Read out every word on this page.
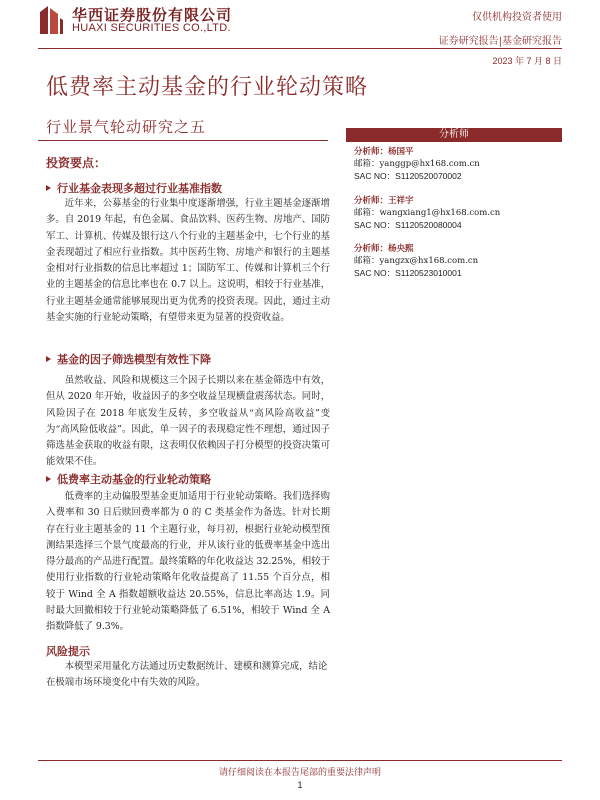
华西证券股份有限公司
HUAXI SECURITIES CO.,LTD.
仅供机构投资者使用
证券研究报告|基金研究报告
2023 年 7 月 8 日
低费率主动基金的行业轮动策略
行业景气轮动研究之五
投资要点：
行业基金表现多超过行业基准指数
近年来，公募基金的行业集中度逐渐增强，行业主题基金逐渐增多。自 2019 年起，有色金属、食品饮料、医药生物、房地产、国防军工、计算机、传媒及银行这八个行业的主题基金中，七个行业的基金表现超过了相应行业指数。其中医药生物、房地产和银行的主题基金相对行业指数的信息比率超过 1；国防军工、传媒和计算机三个行业的主题基金的信息比率也在 0.7 以上。这说明，相较于行业基准，行业主题基金通常能够展现出更为优秀的投资表现。因此，通过主动基金实施的行业轮动策略，有望带来更为显著的投资收益。
基金的因子筛选模型有效性下降
虽然收益、风险和规模这三个因子长期以来在基金筛选中有效，但从 2020 年开始，收益因子的多空收益呈现横盘震荡状态。同时，风险因子在 2018 年底发生反转，多空收益从“高风险高收益”变为“高风险低收益”。因此，单一因子的表现稳定性不理想，通过因子筛选基金获取的收益有限，这表明仅依赖因子打分模型的投资决策可能效果不佳。
低费率主动基金的行业轮动策略
低费率的主动偏股型基金更加适用于行业轮动策略。我们选择购入费率和 30 日后赎回费率都为 0 的 C 类基金作为备选。针对长期存在行业主题基金的 11 个主题行业，每月初，根据行业轮动模型预测结果选择三个景气度最高的行业，并从该行业的低费率基金中选出得分最高的产品进行配置。最终策略的年化收益达 32.25%，相较于使用行业指数的行业轮动策略年化收益提高了 11.55 个百分点，相较于 Wind 全 A 指数超额收益达 20.55%，信息比率高达 1.9。同时最大回撤相较于行业轮动策略降低了 6.51%，相较于 Wind 全 A 指数降低了 9.3%。
风险提示
本模型采用量化方法通过历史数据统计、建模和测算完成，结论在极端市场环境变化中有失效的风险。
分析师
分析师：杨国平
邮箱：yanggp@hx168.com.cn
SAC NO：S1120520070002
分析师：王祥宇
邮箱：wangxiang1@hx168.com.cn
SAC NO：S1120520080004
分析师：杨央熙
邮箱：yangzx@hx168.com.cn
SAC NO：S1120523010001
请仔细阅读在本报告尾部的重要法律声明
1
